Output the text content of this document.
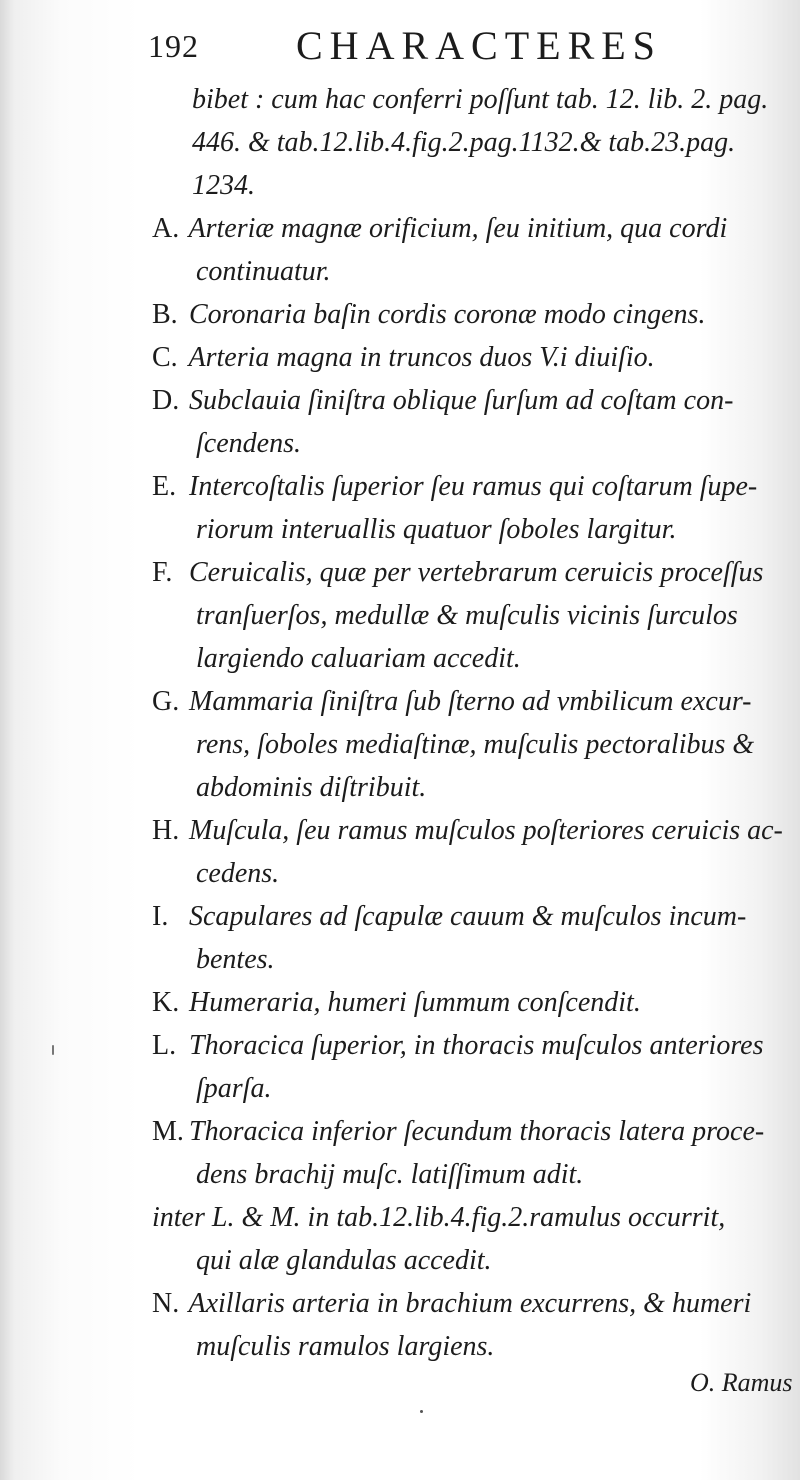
192 CHARACTERES

bibet : cum hac conferri poſſunt tab. 12. lib. 2. pag.
446. & tab.12.lib.4.fig.2.pag.1132.& tab.23.pag.
1234.

A. Arteriæ magnæ orificium, ſeu initium, qua cordi
continuatur.

B. Coronaria baſin cordis coronæ modo cingens.

C. Arteria magna in truncos duos V.i diuiſio.

D. Subclauia ſiniſtra oblique ſurſum ad coſtam con-
ſcendens.

E. Intercoſtalis ſuperior ſeu ramus qui coſtarum ſupe-
riorum interuallis quatuor ſoboles largitur.

F. Ceruicalis, quæ per vertebrarum ceruicis proceſſus
tranſuerſos, medullæ & muſculis vicinis ſurculos
largiendo caluariam accedit.

G. Mammaria ſiniſtra ſub ſterno ad vmbilicum excur-
rens, ſoboles mediaſtinæ, muſculis pectoralibus &
abdominis diſtribuit.

H. Muſcula, ſeu ramus muſculos poſteriores ceruicis ac-
cedens.

I. Scapulares ad ſcapulæ cauum & muſculos incum-
bentes.

K. Humeraria, humeri ſummum conſcendit.

L. Thoracica ſuperior, in thoracis muſculos anteriores
ſparſa.

M. Thoracica inferior ſecundum thoracis latera proce-
dens brachij muſc. latiſſimum adit.

inter L. & M. in tab.12.lib.4.fig.2.ramulus occurrit,
qui alæ glandulas accedit.

N. Axillaris arteria in brachium excurrens, & humeri
muſculis ramulos largiens.

O. Ramus
